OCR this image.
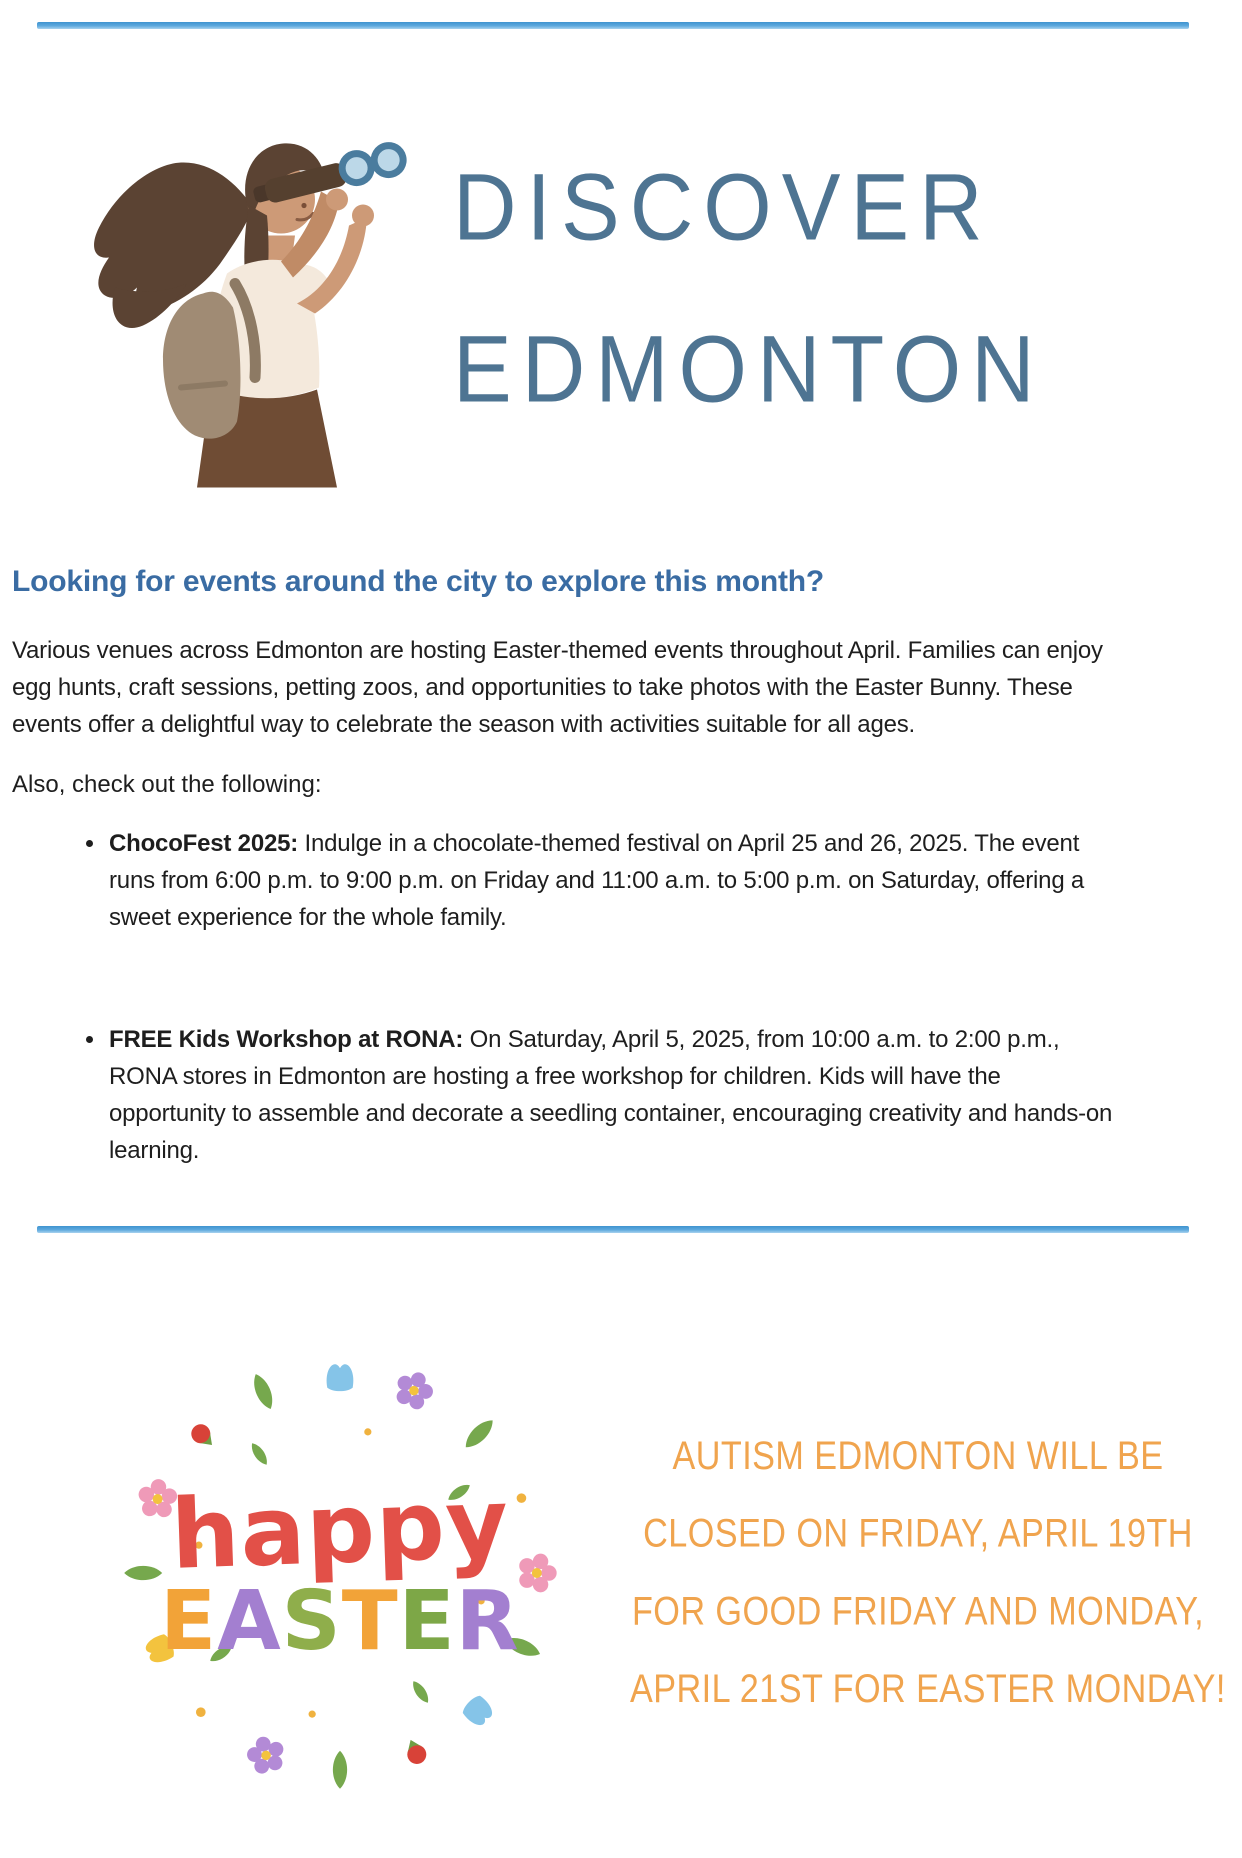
DISCOVER
EDMONTON
Looking for events around the city to explore this month?

Various venues across Edmonton are hosting Easter-themed events throughout April. Families can enjoy egg hunts, craft sessions, petting zoos, and opportunities to take photos with the Easter Bunny. These events offer a delightful way to celebrate the season with activities suitable for all ages.

Also, check out the following:

• ChocoFest 2025: Indulge in a chocolate-themed festival on April 25 and 26, 2025. The event runs from 6:00 p.m. to 9:00 p.m. on Friday and 11:00 a.m. to 5:00 p.m. on Saturday, offering a sweet experience for the whole family.
• FREE Kids Workshop at RONA: On Saturday, April 5, 2025, from 10:00 a.m. to 2:00 p.m., RONA stores in Edmonton are hosting a free workshop for children. Kids will have the opportunity to assemble and decorate a seedling container, encouraging creativity and hands-on learning.
happy
EASTER
AUTISM EDMONTON WILL BE
CLOSED ON FRIDAY, APRIL 19TH
FOR GOOD FRIDAY AND MONDAY,
APRIL 21ST FOR EASTER MONDAY!
